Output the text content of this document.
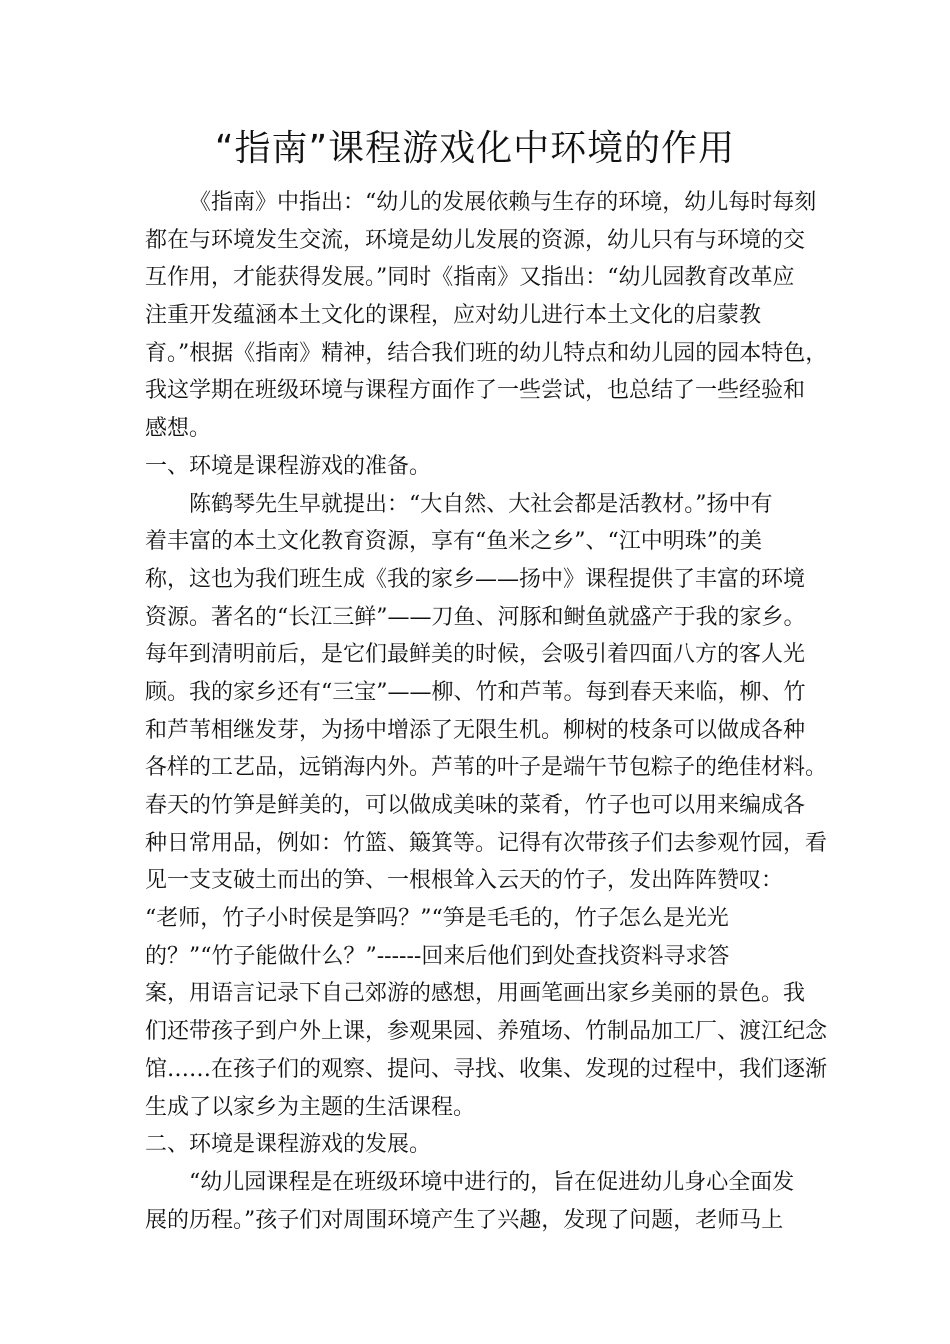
“指南”课程游戏化中环境的作用
《指南》中指出：“幼儿的发展依赖与生存的环境，幼儿每时每刻
都在与环境发生交流，环境是幼儿发展的资源，幼儿只有与环境的交
互作用，才能获得发展。”同时《指南》又指出：“幼儿园教育改革应
注重开发蕴涵本土文化的课程，应对幼儿进行本土文化的启蒙教
育。”根据《指南》精神，结合我们班的幼儿特点和幼儿园的园本特色，
我这学期在班级环境与课程方面作了一些尝试，也总结了一些经验和
感想。
一、环境是课程游戏的准备。
陈鹤琴先生早就提出：“大自然、大社会都是活教材。”扬中有
着丰富的本土文化教育资源，享有“鱼米之乡”、“江中明珠”的美
称，这也为我们班生成《我的家乡——扬中》课程提供了丰富的环境
资源。著名的“长江三鲜”——刀鱼、河豚和鲥鱼就盛产于我的家乡。
每年到清明前后，是它们最鲜美的时候，会吸引着四面八方的客人光
顾。我的家乡还有“三宝”——柳、竹和芦苇。每到春天来临，柳、竹
和芦苇相继发芽，为扬中增添了无限生机。柳树的枝条可以做成各种
各样的工艺品，远销海内外。芦苇的叶子是端午节包粽子的绝佳材料。
春天的竹笋是鲜美的，可以做成美味的菜肴，竹子也可以用来编成各
种日常用品，例如：竹篮、簸箕等。记得有次带孩子们去参观竹园，看
见一支支破土而出的笋、一根根耸入云天的竹子，发出阵阵赞叹：
“老师，竹子小时侯是笋吗？”“笋是毛毛的，竹子怎么是光光
的？”“竹子能做什么？”------回来后他们到处查找资料寻求答
案，用语言记录下自己郊游的感想，用画笔画出家乡美丽的景色。我
们还带孩子到户外上课，参观果园、养殖场、竹制品加工厂、渡江纪念
馆……在孩子们的观察、提问、寻找、收集、发现的过程中，我们逐渐
生成了以家乡为主题的生活课程。
二、环境是课程游戏的发展。
“幼儿园课程是在班级环境中进行的，旨在促进幼儿身心全面发
展的历程。”孩子们对周围环境产生了兴趣，发现了问题，老师马上
